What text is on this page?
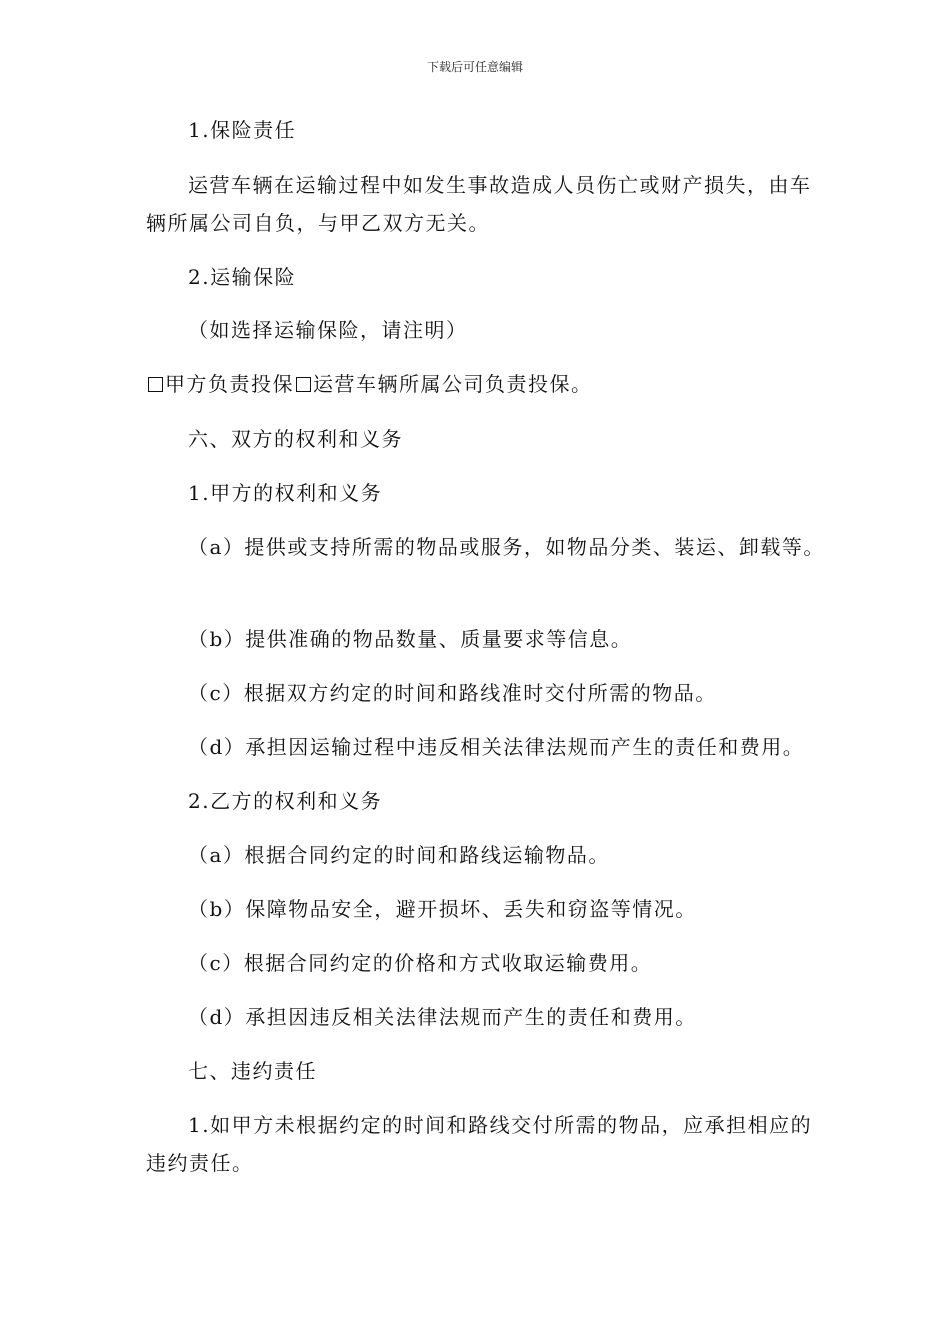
下载后可任意编辑
1.保险责任
运营车辆在运输过程中如发生事故造成人员伤亡或财产损失，由车辆所属公司自负，与甲乙双方无关。
2.运输保险
（如选择运输保险，请注明）
甲方负责投保 运营车辆所属公司负责投保。
六、双方的权利和义务
1.甲方的权利和义务
（a）提供或支持所需的物品或服务，如物品分类、装运、卸载等。
（b）提供准确的物品数量、质量要求等信息。
（c）根据双方约定的时间和路线准时交付所需的物品。
（d）承担因运输过程中违反相关法律法规而产生的责任和费用。
2.乙方的权利和义务
（a）根据合同约定的时间和路线运输物品。
（b）保障物品安全，避开损坏、丢失和窃盗等情况。
（c）根据合同约定的价格和方式收取运输费用。
（d）承担因违反相关法律法规而产生的责任和费用。
七、违约责任
1.如甲方未根据约定的时间和路线交付所需的物品，应承担相应的违约责任。
